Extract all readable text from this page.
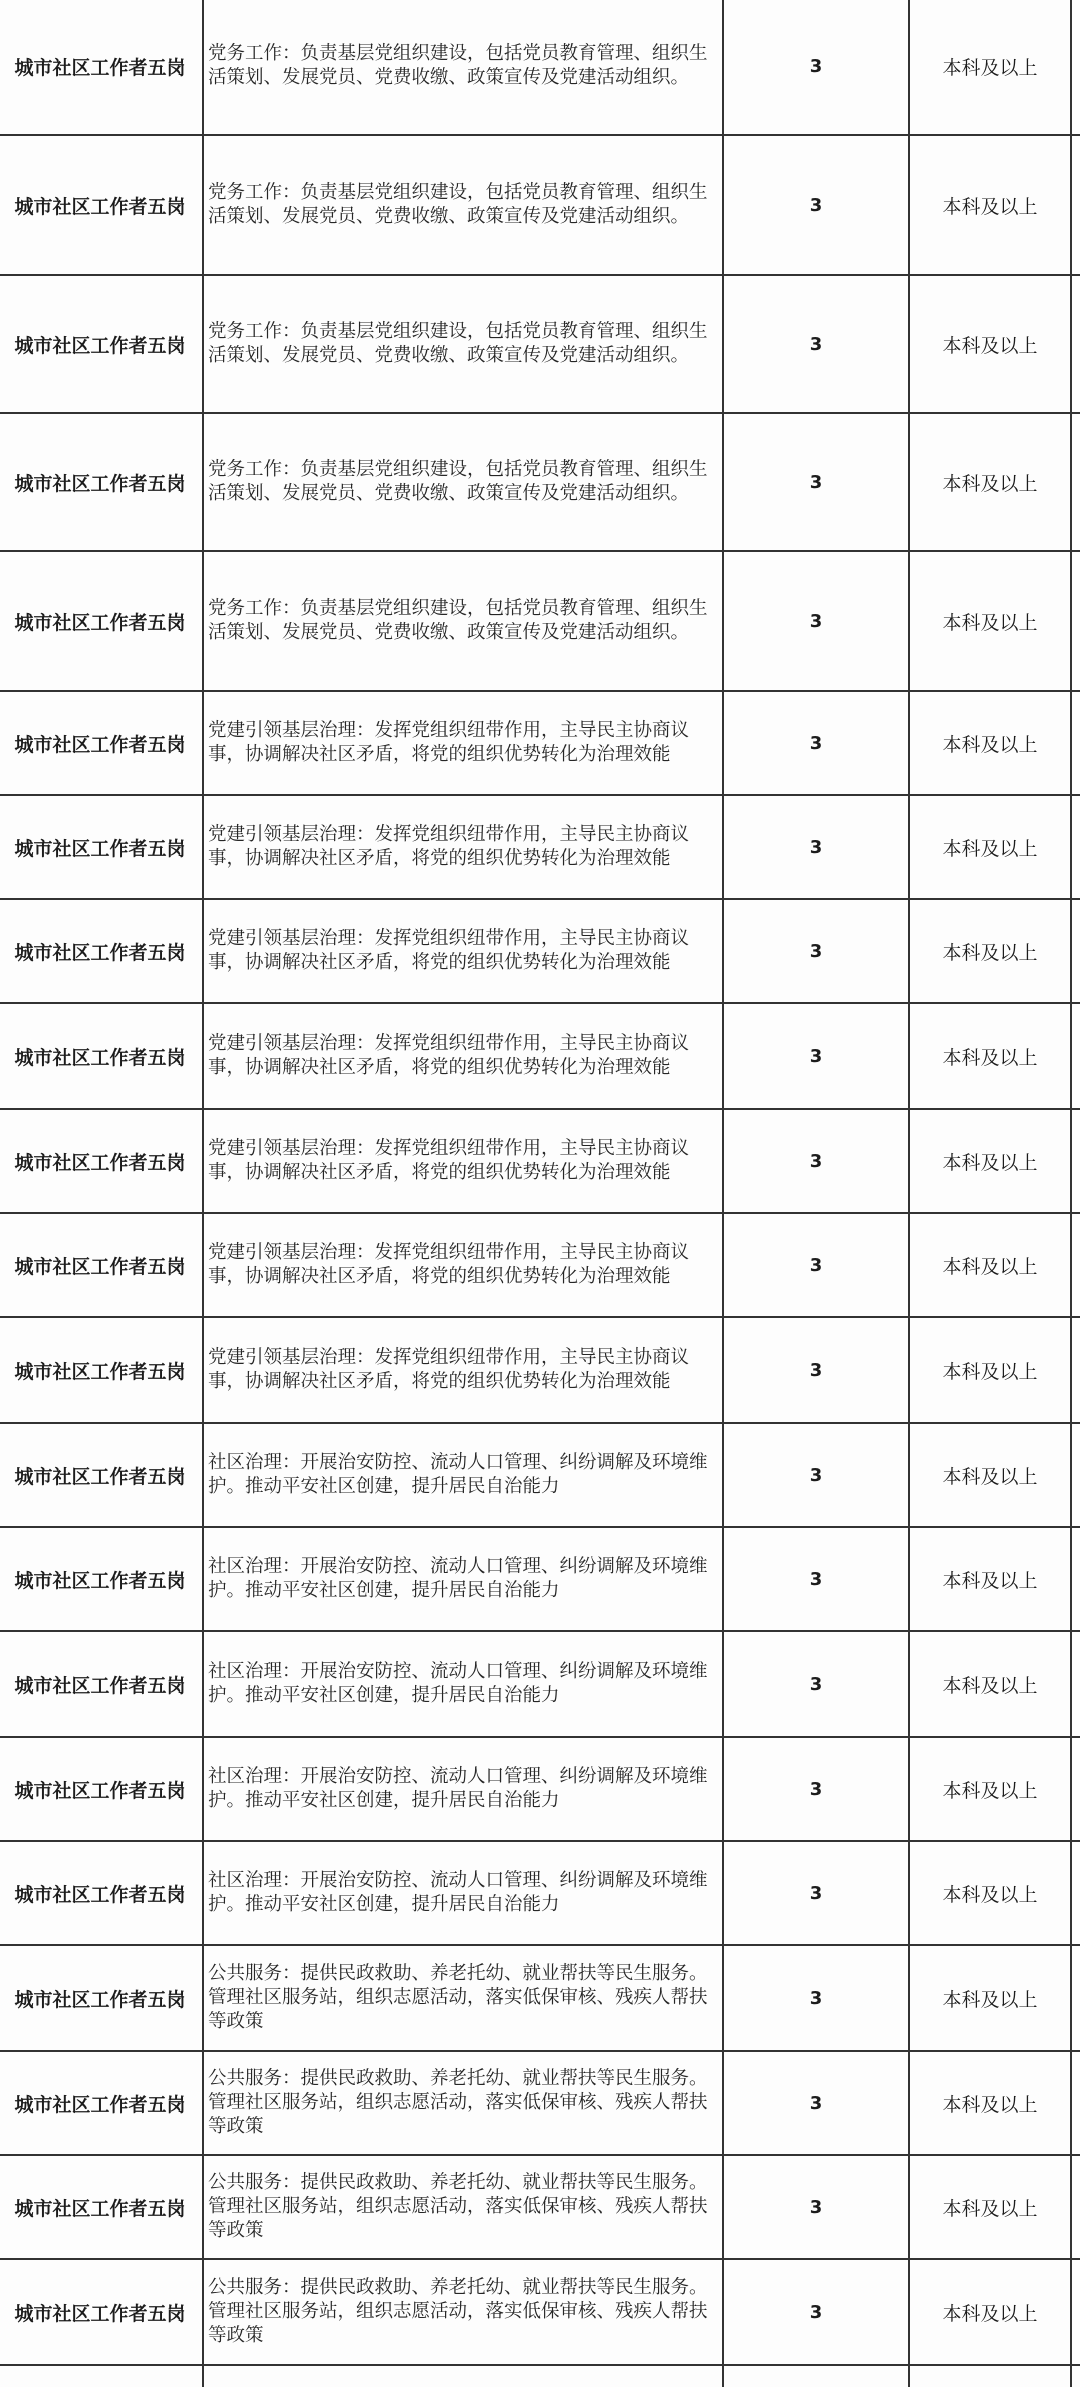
城市社区工作者五岗	党务工作：负责基层党组织建设，包括党员教育管理、组织生活策划、发展党员、党费收缴、政策宣传及党建活动组织。	3	本科及以上	
城市社区工作者五岗	党务工作：负责基层党组织建设，包括党员教育管理、组织生活策划、发展党员、党费收缴、政策宣传及党建活动组织。	3	本科及以上	
城市社区工作者五岗	党务工作：负责基层党组织建设，包括党员教育管理、组织生活策划、发展党员、党费收缴、政策宣传及党建活动组织。	3	本科及以上	
城市社区工作者五岗	党务工作：负责基层党组织建设，包括党员教育管理、组织生活策划、发展党员、党费收缴、政策宣传及党建活动组织。	3	本科及以上	
城市社区工作者五岗	党务工作：负责基层党组织建设，包括党员教育管理、组织生活策划、发展党员、党费收缴、政策宣传及党建活动组织。	3	本科及以上	
城市社区工作者五岗	党建引领基层治理：发挥党组织纽带作用，主导民主协商议事，协调解决社区矛盾，将党的组织优势转化为治理效能	3	本科及以上	
城市社区工作者五岗	党建引领基层治理：发挥党组织纽带作用，主导民主协商议事，协调解决社区矛盾，将党的组织优势转化为治理效能	3	本科及以上	
城市社区工作者五岗	党建引领基层治理：发挥党组织纽带作用，主导民主协商议事，协调解决社区矛盾，将党的组织优势转化为治理效能	3	本科及以上	
城市社区工作者五岗	党建引领基层治理：发挥党组织纽带作用，主导民主协商议事，协调解决社区矛盾，将党的组织优势转化为治理效能	3	本科及以上	
城市社区工作者五岗	党建引领基层治理：发挥党组织纽带作用，主导民主协商议事，协调解决社区矛盾，将党的组织优势转化为治理效能	3	本科及以上	
城市社区工作者五岗	党建引领基层治理：发挥党组织纽带作用，主导民主协商议事，协调解决社区矛盾，将党的组织优势转化为治理效能	3	本科及以上	
城市社区工作者五岗	党建引领基层治理：发挥党组织纽带作用，主导民主协商议事，协调解决社区矛盾，将党的组织优势转化为治理效能	3	本科及以上	
城市社区工作者五岗	社区治理：开展治安防控、流动人口管理、纠纷调解及环境维护。推动平安社区创建，提升居民自治能力	3	本科及以上	
城市社区工作者五岗	社区治理：开展治安防控、流动人口管理、纠纷调解及环境维护。推动平安社区创建，提升居民自治能力	3	本科及以上	
城市社区工作者五岗	社区治理：开展治安防控、流动人口管理、纠纷调解及环境维护。推动平安社区创建，提升居民自治能力	3	本科及以上	
城市社区工作者五岗	社区治理：开展治安防控、流动人口管理、纠纷调解及环境维护。推动平安社区创建，提升居民自治能力	3	本科及以上	
城市社区工作者五岗	社区治理：开展治安防控、流动人口管理、纠纷调解及环境维护。推动平安社区创建，提升居民自治能力	3	本科及以上	
城市社区工作者五岗	公共服务：提供民政救助、养老托幼、就业帮扶等民生服务。管理社区服务站，组织志愿活动，落实低保审核、残疾人帮扶等政策	3	本科及以上	
城市社区工作者五岗	公共服务：提供民政救助、养老托幼、就业帮扶等民生服务。管理社区服务站，组织志愿活动，落实低保审核、残疾人帮扶等政策	3	本科及以上	
城市社区工作者五岗	公共服务：提供民政救助、养老托幼、就业帮扶等民生服务。管理社区服务站，组织志愿活动，落实低保审核、残疾人帮扶等政策	3	本科及以上	
城市社区工作者五岗	公共服务：提供民政救助、养老托幼、就业帮扶等民生服务。管理社区服务站，组织志愿活动，落实低保审核、残疾人帮扶等政策	3	本科及以上	
